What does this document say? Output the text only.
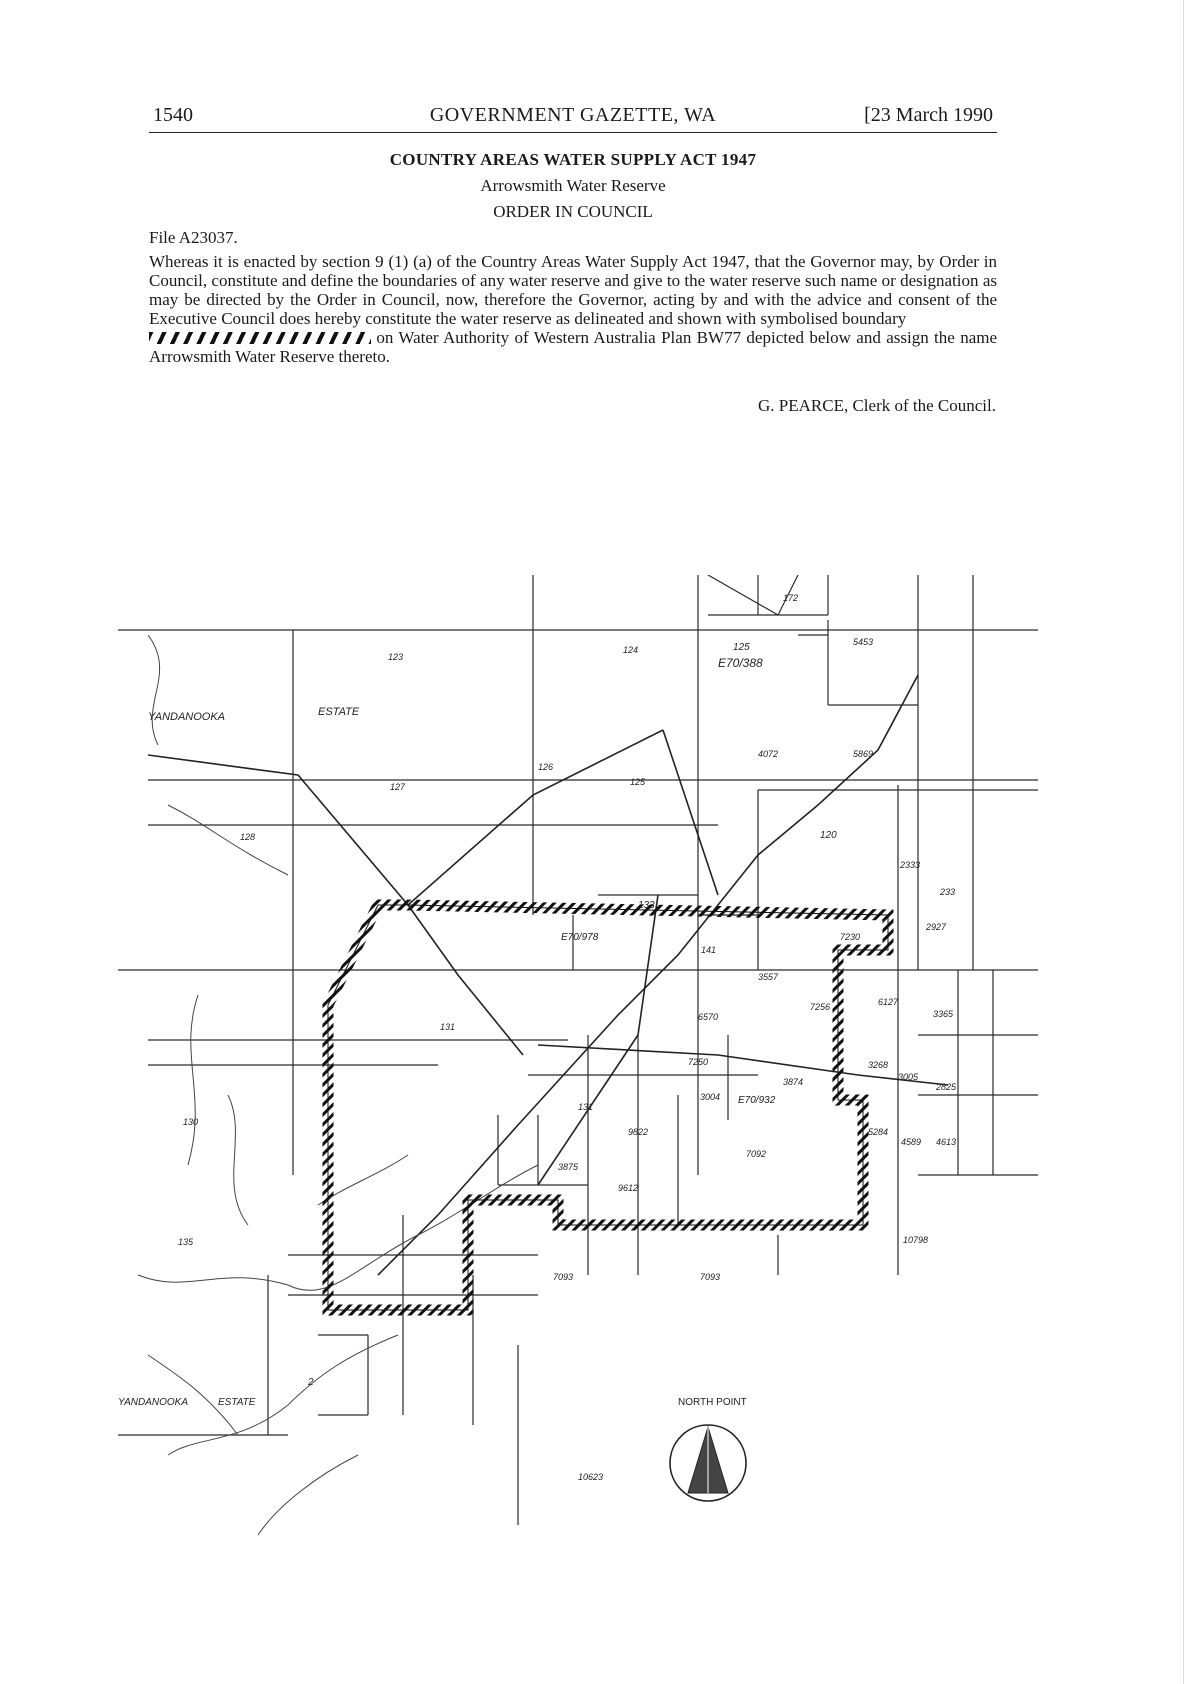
1540	GOVERNMENT GAZETTE, WA	[23 March 1990
COUNTRY AREAS WATER SUPPLY ACT 1947
Arrowsmith Water Reserve
ORDER IN COUNCIL
File A23037.
Whereas it is enacted by section 9 (1) (a) of the Country Areas Water Supply Act 1947, that the Governor may, by Order in Council, constitute and define the boundaries of any water reserve and give to the water reserve such name or designation as may be directed by the Order in Council, now, therefore the Governor, acting by and with the advice and consent of the Executive Council does hereby constitute the water reserve as delineated and shown with symbolised boundary
on Water Authority of Western Australia Plan BW77 depicted below and assign the name Arrowsmith Water Reserve thereto.
G. PEARCE, Clerk of the Council.
YANDANOOKA	ESTATE
YANDANOOKA	ESTATE
172
125
E70/388
5453
4072	5869
124
123
126
127
128
125
130
131
133
120
2333
233
7230
2927
3557
7256	6127
3365
E70/978
141
6570
7250
3874
3004 E70/932
3268
3005
2825
5284
4589 4613
131
9822
7092
3875
9612
10798
7093
7093
10623
2
135
NORTH POINT
